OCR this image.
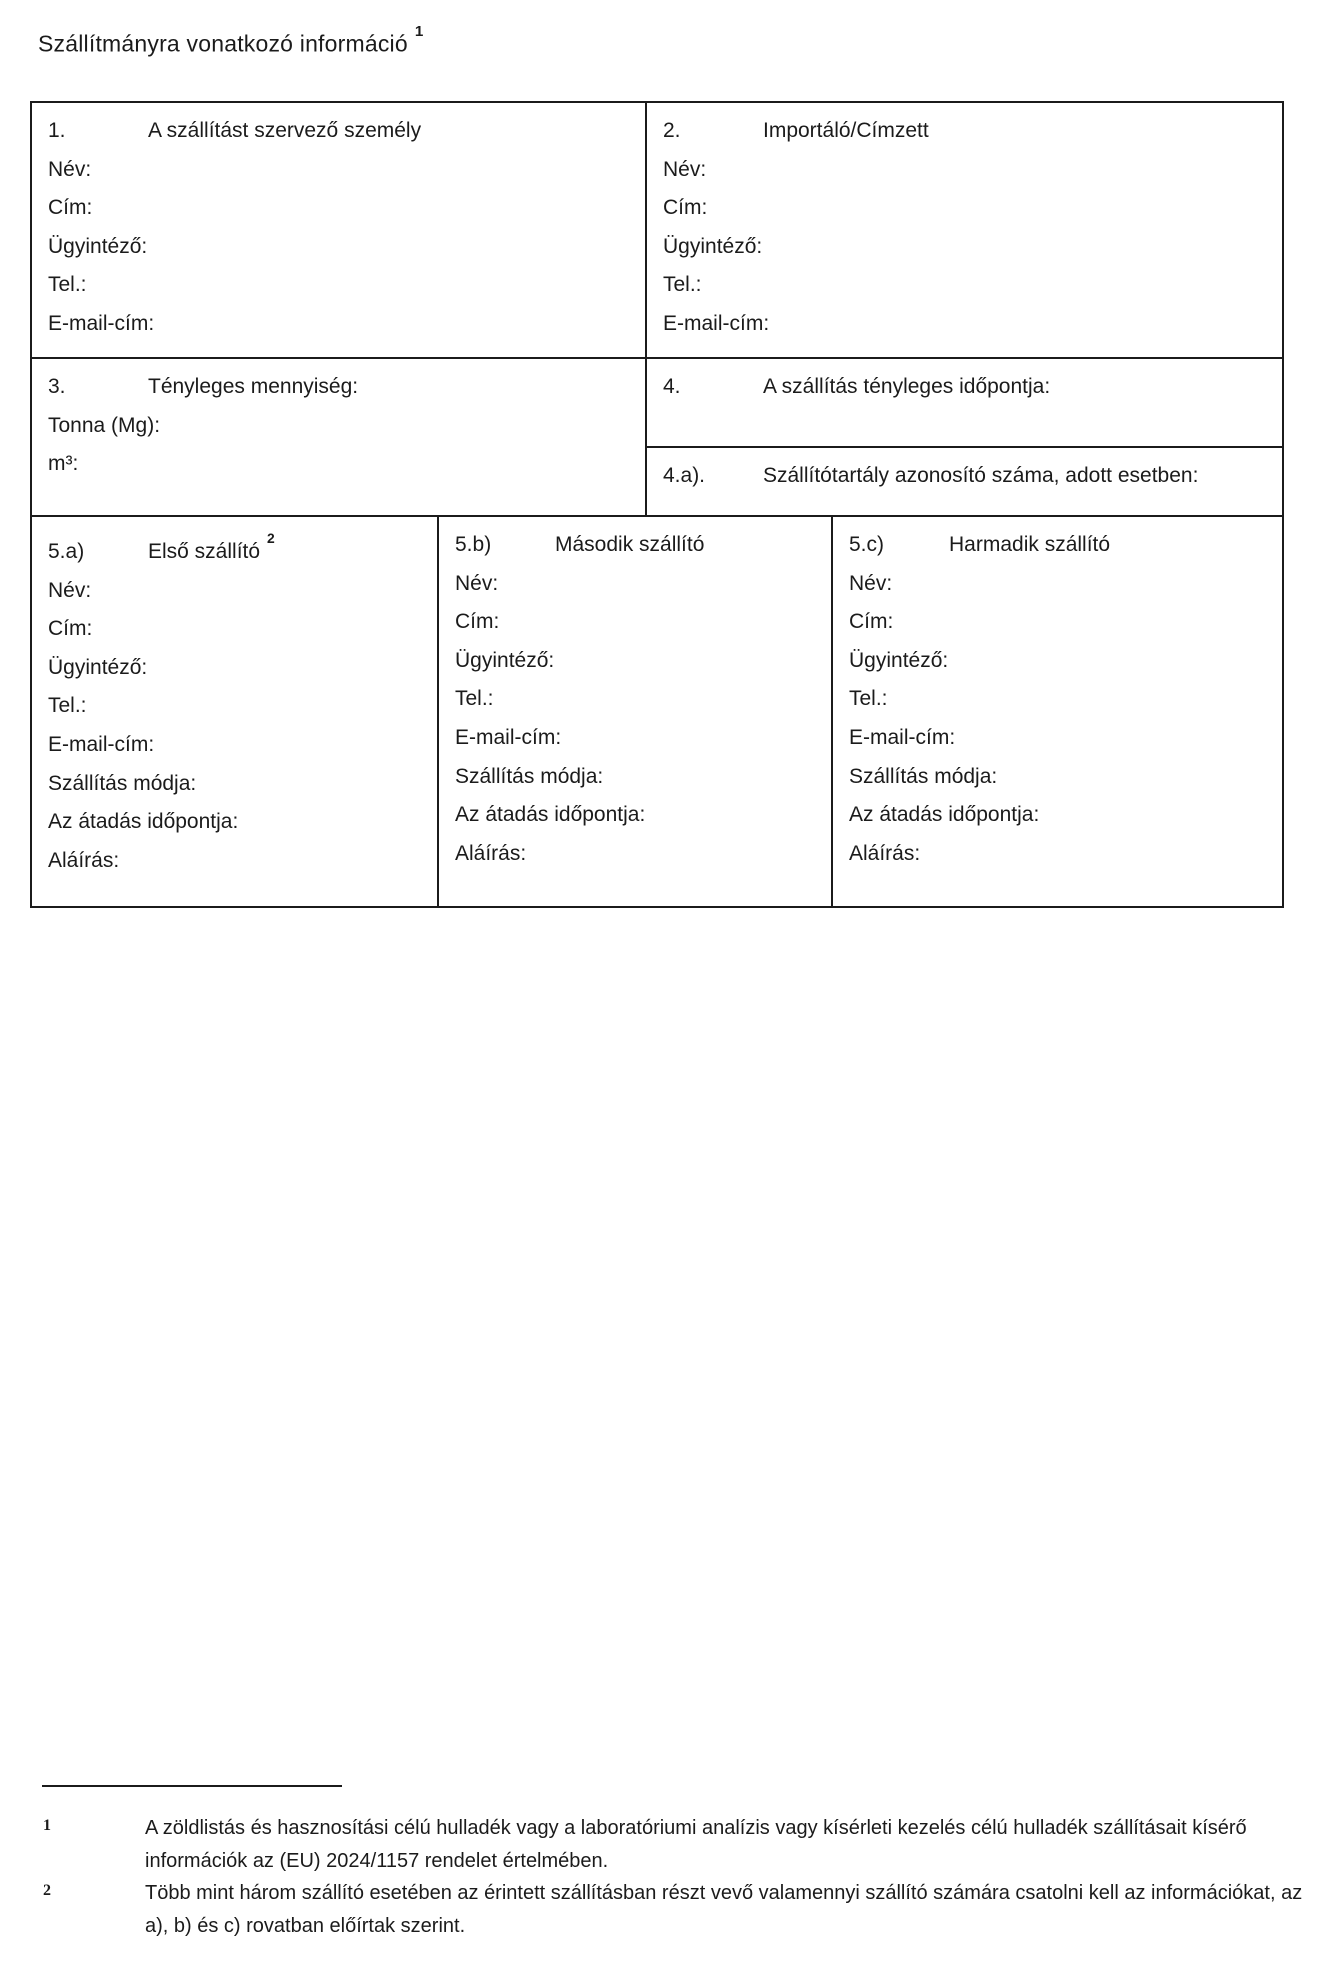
Szállítmányra vonatkozó információ $^1$
1.	A szállítást szervező személy
Név:
Cím:
Ügyintéző:
Tel.:
E-mail-cím:
2.	Importáló/Címzett
Név:
Cím:
Ügyintéző:
Tel.:
E-mail-cím:
3.	Tényleges mennyiség:
Tonna (Mg):
m³:
4.	A szállítás tényleges időpontja:
4.a).	Szállítótartály azonosító száma, adott esetben:
5.a)	Első szállító$^2$
Név:
Cím:
Ügyintéző:
Tel.:
E-mail-cím:
Szállítás módja:
Az átadás időpontja:
Aláírás:
5.b)	Második szállító
Név:
Cím:
Ügyintéző:
Tel.:
E-mail-cím:
Szállítás módja:
Az átadás időpontja:
Aláírás:
5.c)	Harmadik szállító
Név:
Cím:
Ügyintéző:
Tel.:
E-mail-cím:
Szállítás módja:
Az átadás időpontja:
Aláírás:
1	A zöldlistás és hasznosítási célú hulladék vagy a laboratóriumi analízis vagy kísérleti kezelés célú hulladék szállításait kísérő információk az (EU) 2024/1157 rendelet értelmében.
2	Több mint három szállító esetében az érintett szállításban részt vevő valamennyi szállító számára csatolni kell az információkat, az a), b) és c) rovatban előírtak szerint.
